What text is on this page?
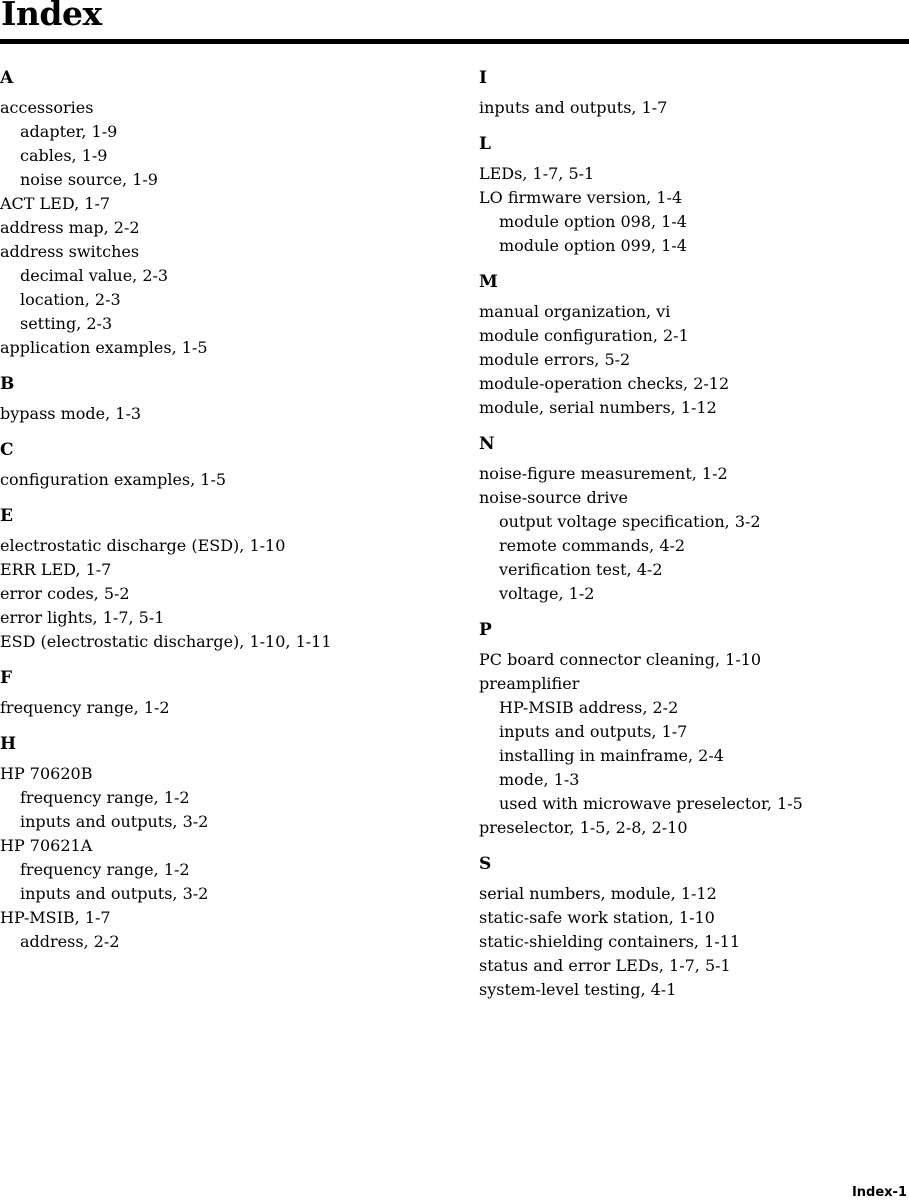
Index
A
accessories
adapter, 1-9
cables, 1-9
noise source, 1-9
ACT LED, 1-7
address map, 2-2
address switches
decimal value, 2-3
location, 2-3
setting, 2-3
application examples, 1-5
B
bypass mode, 1-3
C
configuration examples, 1-5
E
electrostatic discharge (ESD), 1-10
ERR LED, 1-7
error codes, 5-2
error lights, 1-7, 5-1
ESD (electrostatic discharge), 1-10, 1-11
F
frequency range, 1-2
H
HP 70620B
frequency range, 1-2
inputs and outputs, 3-2
HP 70621A
frequency range, 1-2
inputs and outputs, 3-2
HP-MSIB, 1-7
address, 2-2
I
inputs and outputs, 1-7
L
LEDs, 1-7, 5-1
LO firmware version, 1-4
module option 098, 1-4
module option 099, 1-4
M
manual organization, vi
module configuration, 2-1
module errors, 5-2
module-operation checks, 2-12
module, serial numbers, 1-12
N
noise-figure measurement, 1-2
noise-source drive
output voltage specification, 3-2
remote commands, 4-2
verification test, 4-2
voltage, 1-2
P
PC board connector cleaning, 1-10
preamplifier
HP-MSIB address, 2-2
inputs and outputs, 1-7
installing in mainframe, 2-4
mode, 1-3
used with microwave preselector, 1-5
preselector, 1-5, 2-8, 2-10
S
serial numbers, module, 1-12
static-safe work station, 1-10
static-shielding containers, 1-11
status and error LEDs, 1-7, 5-1
system-level testing, 4-1
Index-1
